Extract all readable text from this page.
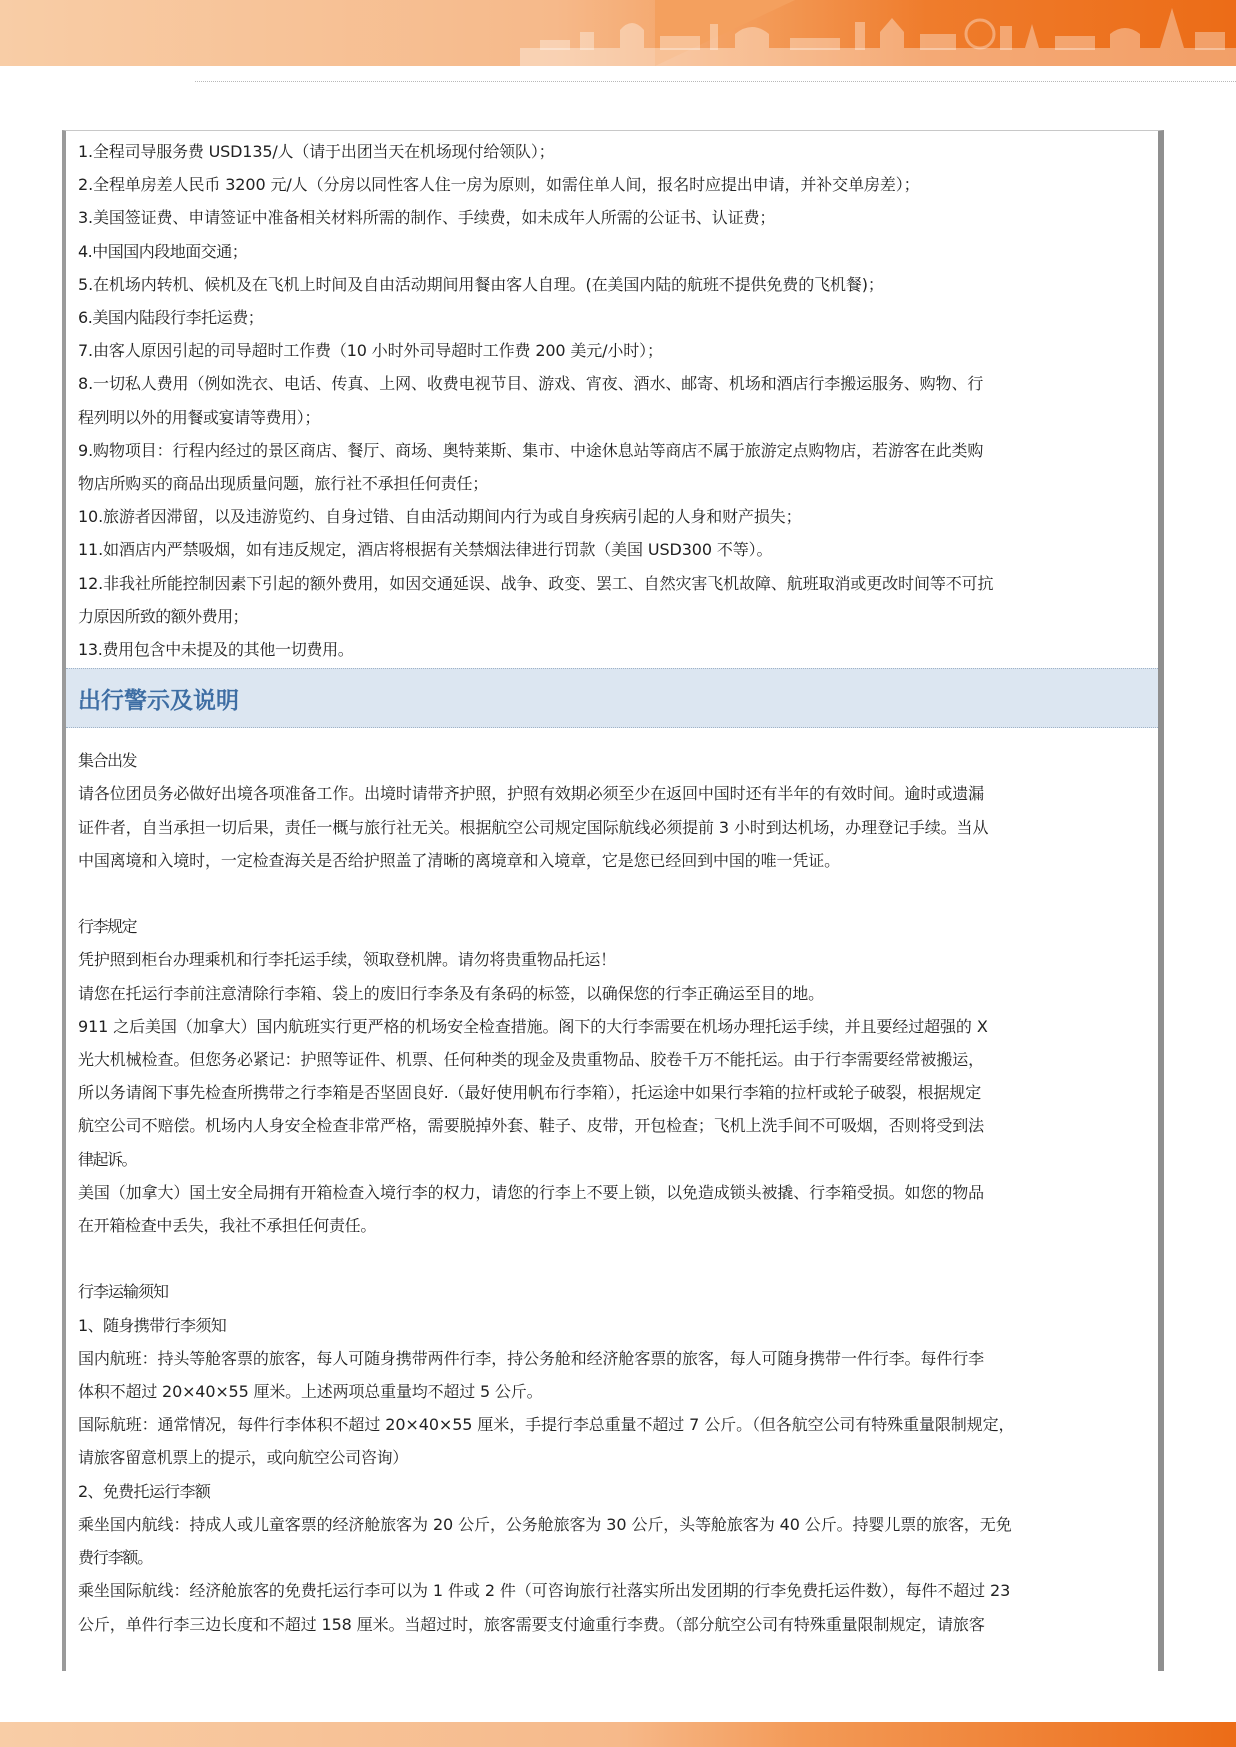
1.全程司导服务费 USD135/人（请于出团当天在机场现付给领队）；

2.全程单房差人民币 3200 元/人（分房以同性客人住一房为原则，如需住单人间，报名时应提出申请，并补交单房差）；

3.美国签证费、申请签证中准备相关材料所需的制作、手续费，如未成年人所需的公证书、认证费；

4.中国国内段地面交通；

5.在机场内转机、候机及在飞机上时间及自由活动期间用餐由客人自理。(在美国内陆的航班不提供免费的飞机餐)；

6.美国内陆段行李托运费；

7.由客人原因引起的司导超时工作费（10 小时外司导超时工作费 200 美元/小时）；

8.一切私人费用（例如洗衣、电话、传真、上网、收费电视节目、游戏、宵夜、酒水、邮寄、机场和酒店行李搬运服务、购物、行

程列明以外的用餐或宴请等费用）；

9.购物项目：行程内经过的景区商店、餐厅、商场、奥特莱斯、集市、中途休息站等商店不属于旅游定点购物店，若游客在此类购

物店所购买的商品出现质量问题，旅行社不承担任何责任；

10.旅游者因滞留，以及违游览约、自身过错、自由活动期间内行为或自身疾病引起的人身和财产损失；

11.如酒店内严禁吸烟，如有违反规定，酒店将根据有关禁烟法律进行罚款（美国 USD300 不等）。

12.非我社所能控制因素下引起的额外费用，如因交通延误、战争、政变、罢工、自然灾害飞机故障、航班取消或更改时间等不可抗

力原因所致的额外费用；

13.费用包含中未提及的其他一切费用。

出行警示及说明

集合出发

请各位团员务必做好出境各项准备工作。出境时请带齐护照，护照有效期必须至少在返回中国时还有半年的有效时间。逾时或遗漏

证件者，自当承担一切后果，责任一概与旅行社无关。根据航空公司规定国际航线必须提前 3 小时到达机场，办理登记手续。当从

中国离境和入境时，一定检查海关是否给护照盖了清晰的离境章和入境章，它是您已经回到中国的唯一凭证。

行李规定

凭护照到柜台办理乘机和行李托运手续，领取登机牌。请勿将贵重物品托运！

请您在托运行李前注意清除行李箱、袋上的废旧行李条及有条码的标签，以确保您的行李正确运至目的地。

911 之后美国（加拿大）国内航班实行更严格的机场安全检查措施。阁下的大行李需要在机场办理托运手续，并且要经过超强的 X

光大机械检查。但您务必紧记：护照等证件、机票、任何种类的现金及贵重物品、胶卷千万不能托运。由于行李需要经常被搬运，

所以务请阁下事先检查所携带之行李箱是否坚固良好.（最好使用帆布行李箱），托运途中如果行李箱的拉杆或轮子破裂，根据规定

航空公司不赔偿。机场内人身安全检查非常严格，需要脱掉外套、鞋子、皮带，开包检查；飞机上洗手间不可吸烟，否则将受到法

律起诉。

美国（加拿大）国土安全局拥有开箱检查入境行李的权力，请您的行李上不要上锁，以免造成锁头被撬、行李箱受损。如您的物品

在开箱检查中丢失，我社不承担任何责任。

行李运输须知

1、随身携带行李须知

国内航班：持头等舱客票的旅客，每人可随身携带两件行李，持公务舱和经济舱客票的旅客，每人可随身携带一件行李。每件行李

体积不超过 20×40×55 厘米。上述两项总重量均不超过 5 公斤。

国际航班：通常情况，每件行李体积不超过 20×40×55 厘米，手提行李总重量不超过 7 公斤。（但各航空公司有特殊重量限制规定，

请旅客留意机票上的提示，或向航空公司咨询）

2、免费托运行李额

乘坐国内航线：持成人或儿童客票的经济舱旅客为 20 公斤，公务舱旅客为 30 公斤，头等舱旅客为 40 公斤。持婴儿票的旅客，无免

费行李额。

乘坐国际航线：经济舱旅客的免费托运行李可以为 1 件或 2 件（可咨询旅行社落实所出发团期的行李免费托运件数），每件不超过 23

公斤，单件行李三边长度和不超过 158 厘米。当超过时，旅客需要支付逾重行李费。（部分航空公司有特殊重量限制规定，请旅客
